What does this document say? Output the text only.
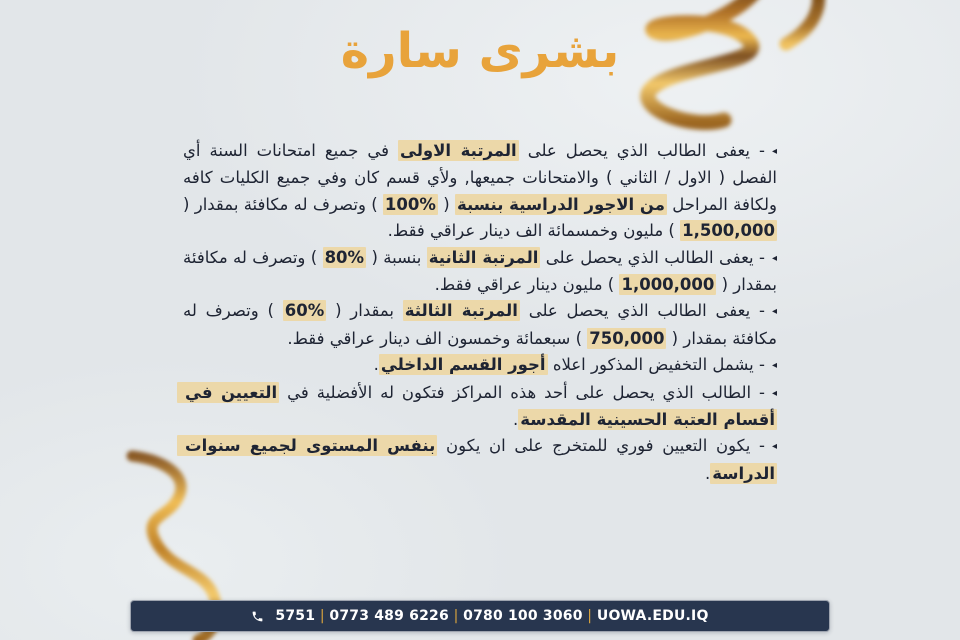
بشرى سارة
◂- يعفى الطالب الذي يحصل على المرتبة الاولى في جميع امتحانات السنة أي الفصل ( الاول / الثاني ) والامتحانات جميعها, ولأي قسم كان وفي جميع الكليات كافه ولكافة المراحل من الاجور الدراسية بنسبة ( %100 ) وتصرف له مكافئة بمقدار ( 1,500,000 ) مليون وخمسمائة الف دينار عراقي فقط.
◂- يعفى الطالب الذي يحصل على المرتبة الثانية بنسبة ( %80 ) وتصرف له مكافئة بمقدار ( 1,000,000 ) مليون دينار عراقي فقط.
◂- يعفى الطالب الذي يحصل على المرتبة الثالثة بمقدار ( %60 ) وتصرف له مكافئة بمقدار ( 750,000 ) سبعمائة وخمسون الف دينار عراقي فقط.
◂- يشمل التخفيض المذكور اعلاه أجور القسم الداخلي.
◂- الطالب الذي يحصل على أحد هذه المراكز فتكون له الأفضلية في التعيين في أقسام العتبة الحسينية المقدسة.
◂- يكون التعيين فوري للمتخرج على ان يكون بنفس المستوى لجميع سنوات الدراسة.
5751 | 0773 489 6226 | 0780 100 3060 | UOWA.EDU.IQ
